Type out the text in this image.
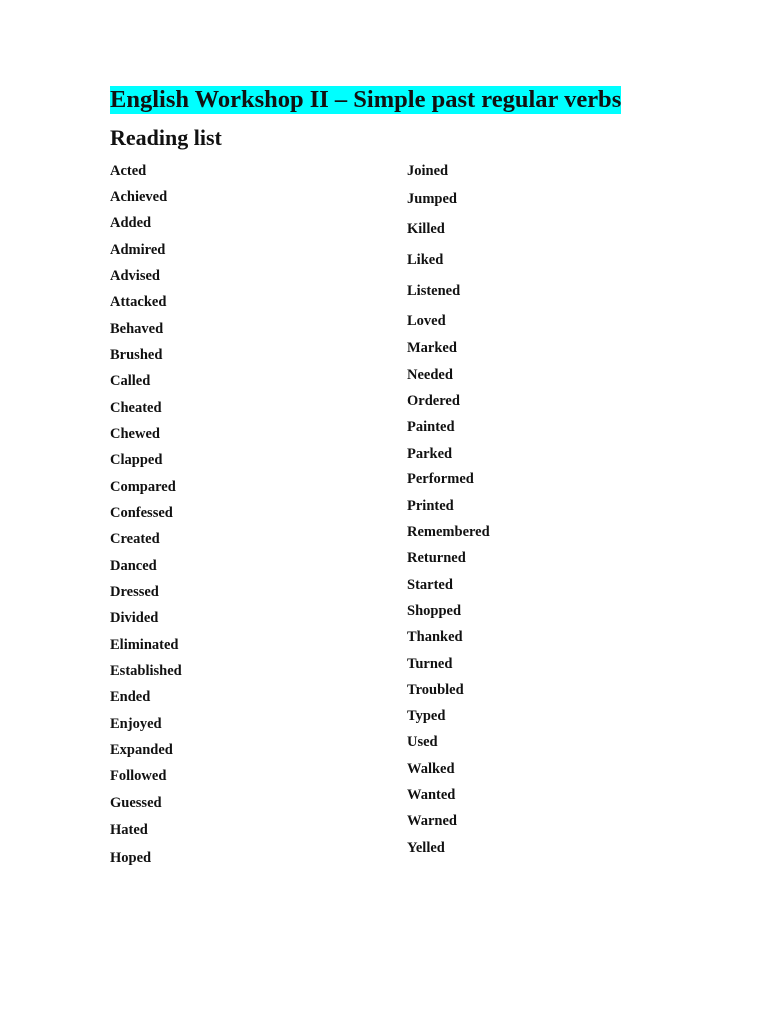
English Workshop II – Simple past regular verbs
Reading list
Acted
Achieved
Added
Admired
Advised
Attacked
Behaved
Brushed
Called
Cheated
Chewed
Clapped
Compared
Confessed
Created
Danced
Dressed
Divided
Eliminated
Established
Ended
Enjoyed
Expanded
Followed
Guessed
Hated
Hoped
Joined
Jumped
Killed
Liked
Listened
Loved
Marked
Needed
Ordered
Painted
Parked
Performed
Printed
Remembered
Returned
Started
Shopped
Thanked
Turned
Troubled
Typed
Used
Walked
Wanted
Warned
Yelled
